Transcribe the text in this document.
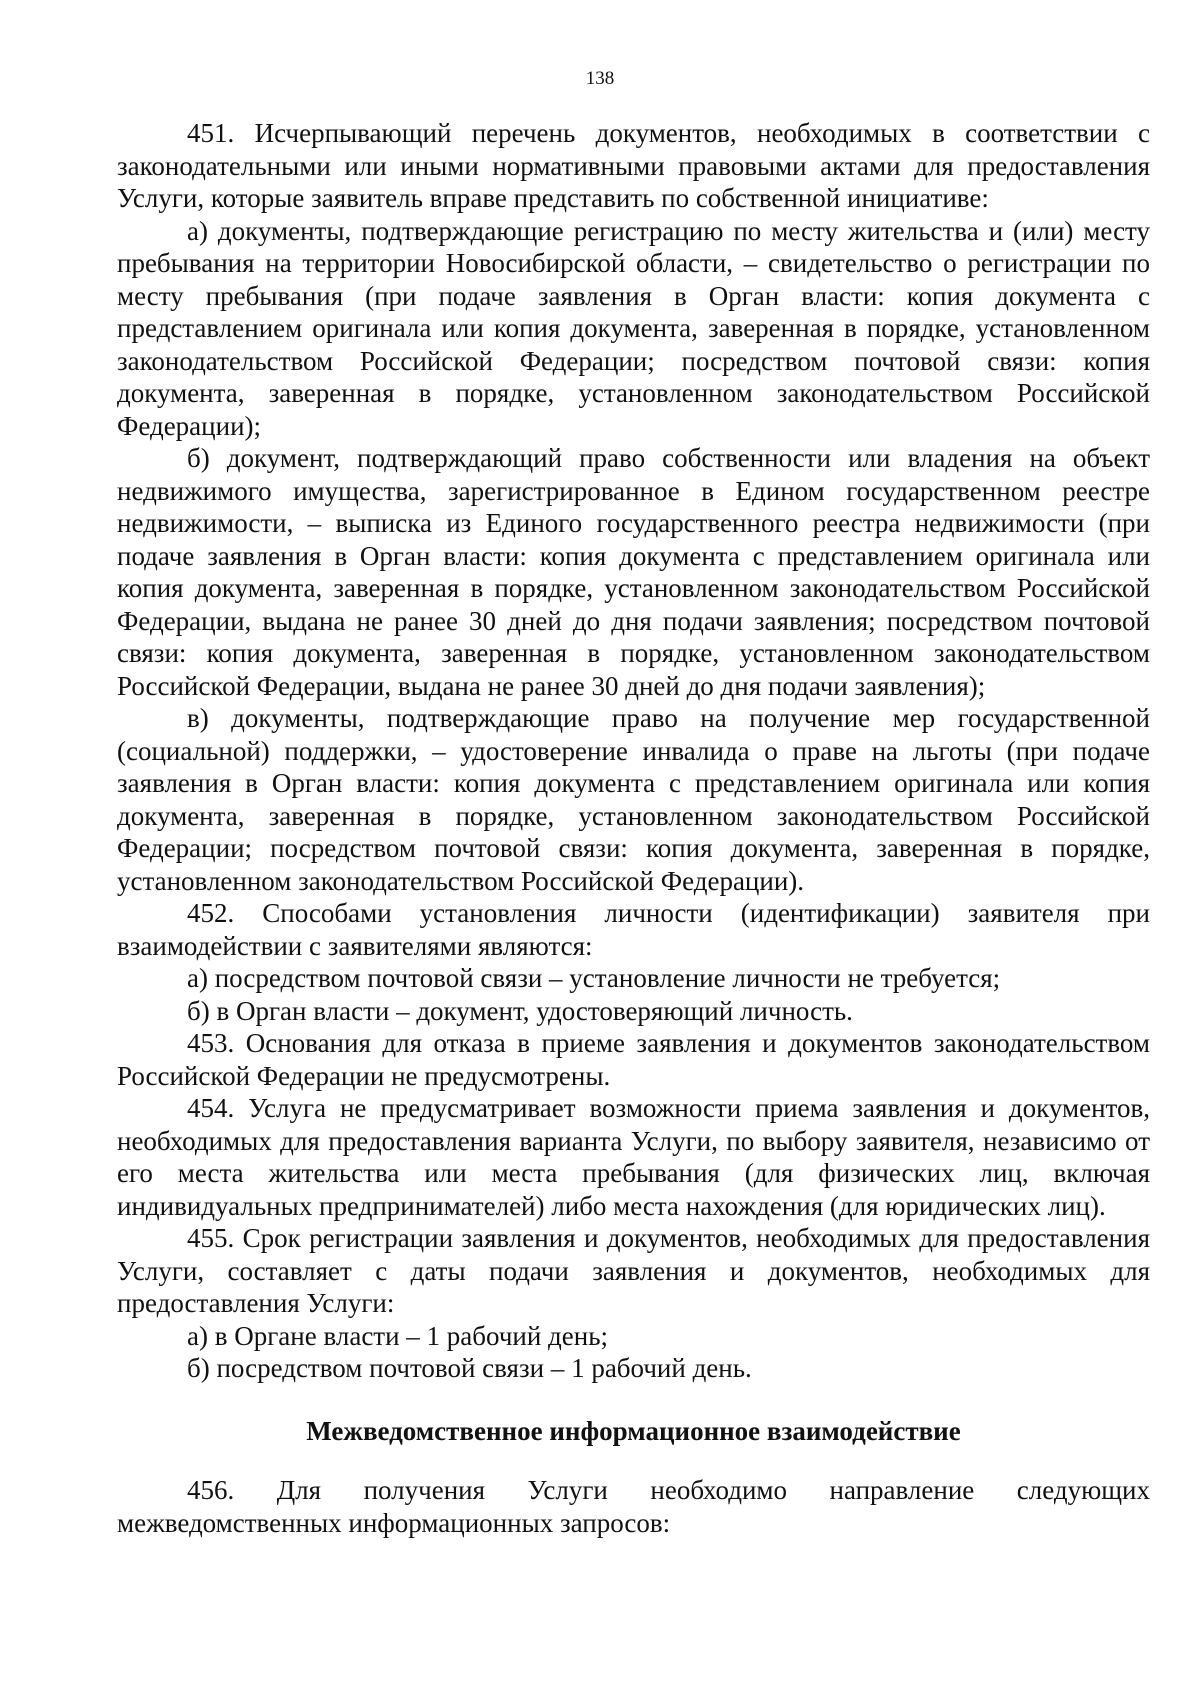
138

451. Исчерпывающий перечень документов, необходимых в соответствии с законодательными или иными нормативными правовыми актами для предоставления Услуги, которые заявитель вправе представить по собственной инициативе:

а) документы, подтверждающие регистрацию по месту жительства и (или) месту пребывания на территории Новосибирской области, – свидетельство о регистрации по месту пребывания (при подаче заявления в Орган власти: копия документа с представлением оригинала или копия документа, заверенная в порядке, установленном законодательством Российской Федерации; посредством почтовой связи: копия документа, заверенная в порядке, установленном законодательством Российской Федерации);

б) документ, подтверждающий право собственности или владения на объект недвижимого имущества, зарегистрированное в Едином государственном реестре недвижимости, – выписка из Единого государственного реестра недвижимости (при подаче заявления в Орган власти: копия документа с представлением оригинала или копия документа, заверенная в порядке, установленном законодательством Российской Федерации, выдана не ранее 30 дней до дня подачи заявления; посредством почтовой связи: копия документа, заверенная в порядке, установленном законодательством Российской Федерации, выдана не ранее 30 дней до дня подачи заявления);

в) документы, подтверждающие право на получение мер государственной (социальной) поддержки, – удостоверение инвалида о праве на льготы (при подаче заявления в Орган власти: копия документа с представлением оригинала или копия документа, заверенная в порядке, установленном законодательством Российской Федерации; посредством почтовой связи: копия документа, заверенная в порядке, установленном законодательством Российской Федерации).

452. Способами установления личности (идентификации) заявителя при взаимодействии с заявителями являются:

а) посредством почтовой связи – установление личности не требуется;

б) в Орган власти – документ, удостоверяющий личность.

453. Основания для отказа в приеме заявления и документов законодательством Российской Федерации не предусмотрены.

454. Услуга не предусматривает возможности приема заявления и документов, необходимых для предоставления варианта Услуги, по выбору заявителя, независимо от его места жительства или места пребывания (для физических лиц, включая индивидуальных предпринимателей) либо места нахождения (для юридических лиц).

455. Срок регистрации заявления и документов, необходимых для предоставления Услуги, составляет с даты подачи заявления и документов, необходимых для предоставления Услуги:

а) в Органе власти – 1 рабочий день;

б) посредством почтовой связи – 1 рабочий день.

Межведомственное информационное взаимодействие

456. Для получения Услуги необходимо направление следующих межведомственных информационных запросов:
